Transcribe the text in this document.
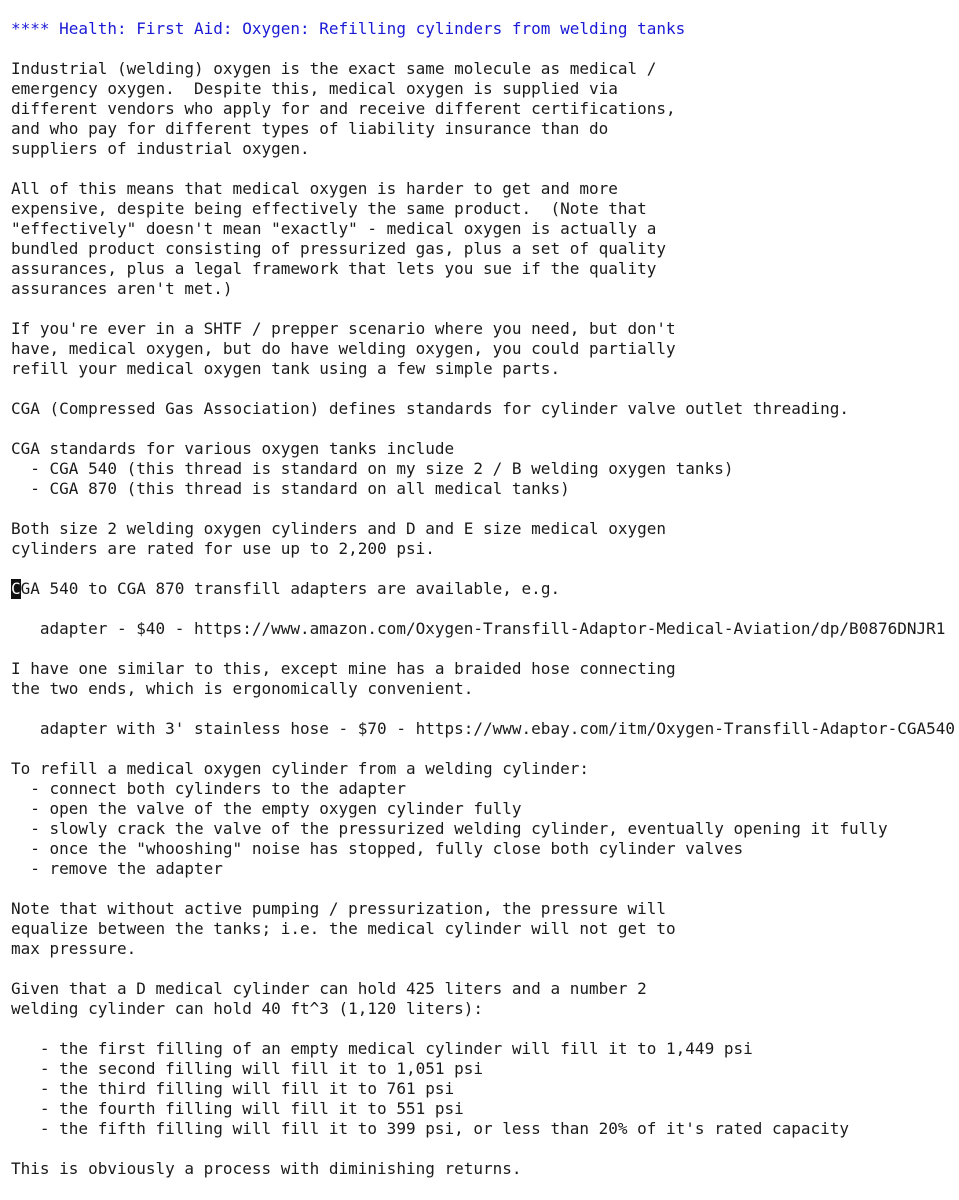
**** Health: First Aid: Oxygen: Refilling cylinders from welding tanks
Industrial (welding) oxygen is the exact same molecule as medical /
emergency oxygen.  Despite this, medical oxygen is supplied via
different vendors who apply for and receive different certifications,
and who pay for different types of liability insurance than do
suppliers of industrial oxygen.
All of this means that medical oxygen is harder to get and more
expensive, despite being effectively the same product.  (Note that
"effectively" doesn't mean "exactly" - medical oxygen is actually a
bundled product consisting of pressurized gas, plus a set of quality
assurances, plus a legal framework that lets you sue if the quality
assurances aren't met.)
If you're ever in a SHTF / prepper scenario where you need, but don't
have, medical oxygen, but do have welding oxygen, you could partially
refill your medical oxygen tank using a few simple parts.
CGA (Compressed Gas Association) defines standards for cylinder valve outlet threading.
CGA standards for various oxygen tanks include
- CGA 540 (this thread is standard on my size 2 / B welding oxygen tanks)
- CGA 870 (this thread is standard on all medical tanks)
Both size 2 welding oxygen cylinders and D and E size medical oxygen
cylinders are rated for use up to 2,200 psi.
CGA 540 to CGA 870 transfill adapters are available, e.g.
adapter - $40 - https://www.amazon.com/Oxygen-Transfill-Adaptor-Medical-Aviation/dp/B0876DNJR1
I have one similar to this, except mine has a braided hose connecting
the two ends, which is ergonomically convenient.
adapter with 3' stainless hose - $70 - https://www.ebay.com/itm/Oxygen-Transfill-Adaptor-CGA540
To refill a medical oxygen cylinder from a welding cylinder:
- connect both cylinders to the adapter
- open the valve of the empty oxygen cylinder fully
- slowly crack the valve of the pressurized welding cylinder, eventually opening it fully
- once the "whooshing" noise has stopped, fully close both cylinder valves
- remove the adapter
Note that without active pumping / pressurization, the pressure will
equalize between the tanks; i.e. the medical cylinder will not get to
max pressure.
Given that a D medical cylinder can hold 425 liters and a number 2
welding cylinder can hold 40 ft^3 (1,120 liters):
- the first filling of an empty medical cylinder will fill it to 1,449 psi
- the second filling will fill it to 1,051 psi
- the third filling will fill it to 761 psi
- the fourth filling will fill it to 551 psi
- the fifth filling will fill it to 399 psi, or less than 20% of it's rated capacity
This is obviously a process with diminishing returns.
